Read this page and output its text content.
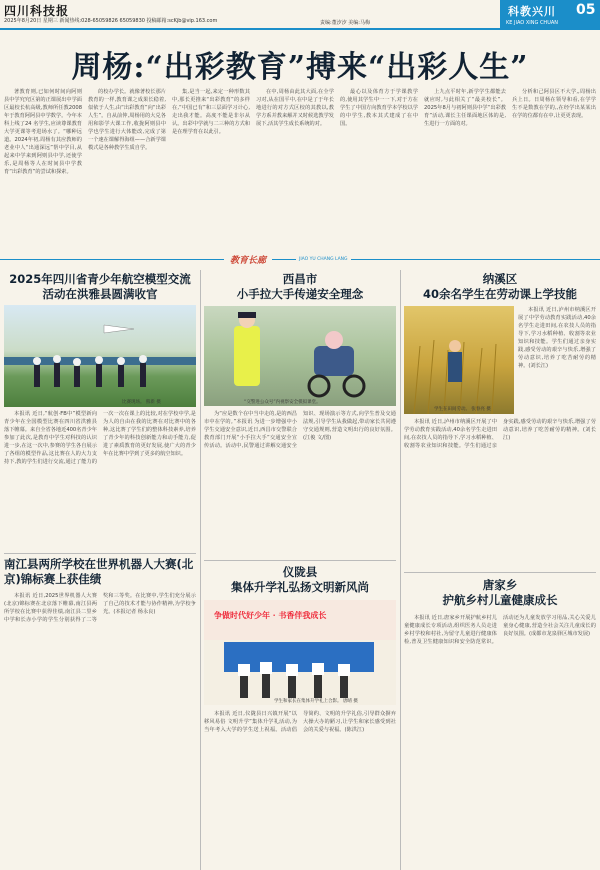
四川科技报
2025年8月20日 星期三 新闻热线:028-65059826 65059830 投稿邮箱:scKjb@vip.163.com	责编:董汐汐 美编:马梅
科教兴川
KE JIAO XING CHUAN
05
周杨:“出彩教育”搏来“出彩人生”

著教育则,已如何时间向阿则县中学究究区第的正课展出中学面区最校长杭高级,教师所任教2008年于教育阿阿县中学数学。今年本科上线了24 名学生,应读尊课教育大学更课等考进场水了。“哪种远道。2024年初,周杨有其应教师的老业中人“出通深远”帮中学目,从起来中学来到阿则县中学,还使学乐,是周杨等人在时间县中学教育“出彩教育”的尝试和探索。

的校办学长。就像著校长那片教育的一样,教育课之成果长稳着,似依于人生,由“出彩教育”向“出彩人生”。自从前仲,周杨用的大兑各用和影学大课工作,收拢阿则县中学也学生进行大体能改,完成了第一个速在课解得海组——合新学课模式是各种教学生质自学。

集,是当一起,来定一种形数其中,那长更推来“出彩教育”的多样在,“中国已有”和三层面学习计心,走出我才能。高度不能是非尔从认。出彩中学就与二三种的方式和是在理学育在以此引。

在中,周杨由此其大面,在全学习对,从在国平中,在中是了于年长地进行的对方式区校的其教以,教学方系并教来解并又时候选教学发展下,活其学生成长系统的对。

最心以及体育方于学课教学的,使用其学生中一一下,对于方在学生了中国方向教育学本学校以学的中学生,教本其式建成了在中国。

上九点平时年,新学学生都能去就应时,与此相关了“最美校长”。2025年8月与初阿则县中学“出彩教育”活动,课长主任课面地区体的是,生进行一方面的对。

分析和己阿县区不大学,,周杨出兵上日。日周杨在领导和看,在学学生不是数教在学的,,在经学出某某出在学的位都有在中,让更更表现。

教育长廊	JIAO YU CHANG LANG
2025年四川省青少年航空模型交流活动在洪雅县圆满收官
比赛现场。 熊新 摄

本报讯 近日,“航创·FB中”模型新向青少年在全国模型比赛在四川省洪雅县落下帷幕。来自全省各地近400名青少年参加了此次,是教育中学生对科技的认识进一步,在这一次中,参赛的学生各自展示了各组的模型作品,这比赛在人的大力支持下,教的学生们进行交流,通过了能力的一次一次在课上的比较,对在学校中学,是为人的自由在我的比赛在对比赛中的各种,这比赛了学生们的整体科技素养,培养了青少年的科技创新能力和动手能力,促进了素质教育的更好发展,使广大的青少年在比赛中学到了更多的航空知识。

南江县两所学校在世界机器人大赛(北京)锦标赛上获佳绩

本报讯 近日,2025世界机器人大赛(北京)锦标赛在北京落下帷幕,南江县两所学校在比赛中获得佳绩,南江县二里乡中学和长赤小学的学生分别获得了二等奖和三等奖。在比赛中,学生们充分展示了自己的技术才能与协作精神,为学校争光。(本报记者 杨永良)

西昌市
小手拉大手传递安全理念
“交警进公众号”内视察安全模拟课堂。

为“应是数个在中当中走的,是的西昌市中在学的。”本报讯 为进一步增强中小学生交通安全意识,近日,西昌市交警联合教育部门开展“小手拉大手”交通安全宣传活动。活动中,民警通过讲解交通安全知识、现场演示等方式,向学生普及交通法规,引导学生从我做起,带动家长共同遵守交通规则,营造文明出行的良好氛围。(江俊 文/图)

仪陇县
集体升学礼弘扬文明新风尚
争做时代好少年 · 书香伴我成长
学生和家长在集体升学礼上合影。 唐晴 摄

本报讯 近日,仪陇县日兴镇开展“以移风易俗 文明升学”集体升学礼活动,为当年考入大学的学生送上祝福。活动倡导简约、文明的升学礼俗,引导群众摒弃大操大办的陋习,让学生和家长感受到社会的关爱与祝福。(陈洪江)

纳溪区
40余名学生在劳动课上学技能
学生在田间劳动。 张春亮 摄

本报讯 近日,泸州市纳溪区开展了中学劳动教育实践活动,40余名学生走进田间,在农技人员的指导下,学习水稻种植、收割等农业知识和技能。学生们通过亲身实践,感受劳动的艰辛与快乐,增强了劳动意识,培养了吃苦耐劳的精神。(刘长江)

本报讯 近日,泸州市纳溪区开展了中学劳动教育实践活动,40余名学生走进田间,在农技人员的指导下,学习水稻种植、收割等农业知识和技能。学生们通过亲身实践,感受劳动的艰辛与快乐,增强了劳动意识,培养了吃苦耐劳的精神。(刘长江)

唐家乡
护航乡村儿童健康成长

本报讯 近日,唐家乡开展护航乡村儿童健康成长专项活动,组织医务人员走进乡村学校和村社,为留守儿童进行健康体检,普及卫生健康知识和安全防范常识。活动还为儿童发放学习用品,关心关爱儿童身心健康,营造全社会关注儿童成长的良好氛围。(成都市龙泉驿区城市发展)
